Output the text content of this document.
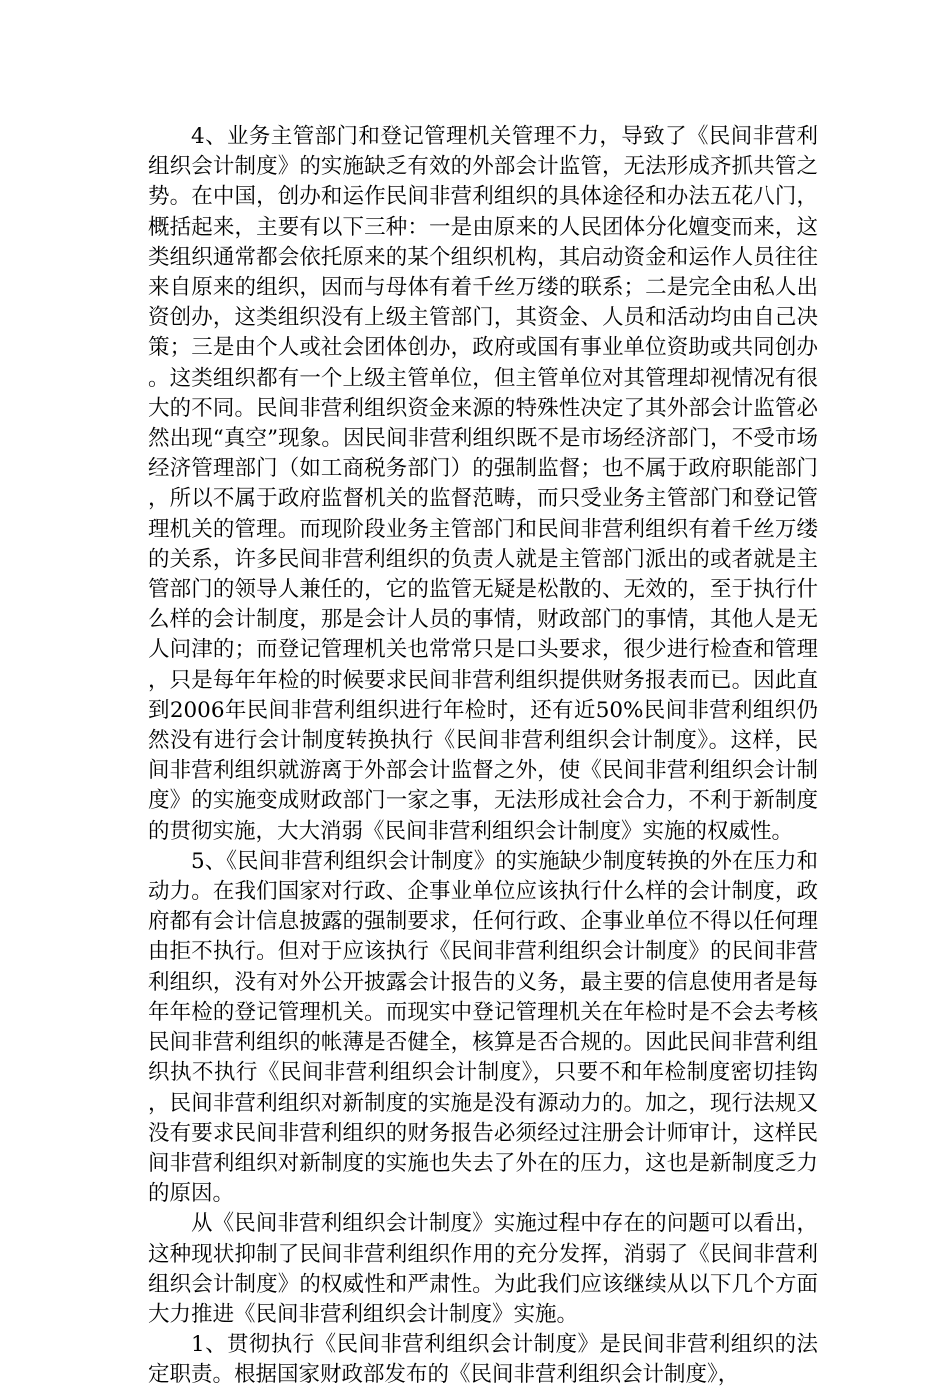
4、业务主管部门和登记管理机关管理不力，导致了《民间非营利组织会计制度》的实施缺乏有效的外部会计监管，无法形成齐抓共管之势。在中国，创办和运作民间非营利组织的具体途径和办法五花八门，概括起来，主要有以下三种：一是由原来的人民团体分化嬗变而来，这类组织通常都会依托原来的某个组织机构，其启动资金和运作人员往往来自原来的组织，因而与母体有着千丝万缕的联系；二是完全由私人出资创办，这类组织没有上级主管部门，其资金、人员和活动均由自己决策；三是由个人或社会团体创办，政府或国有事业单位资助或共同创办。这类组织都有一个上级主管单位，但主管单位对其管理却视情况有很大的不同。民间非营利组织资金来源的特殊性决定了其外部会计监管必然出现“真空”现象。因民间非营利组织既不是市场经济部门，不受市场经济管理部门（如工商税务部门）的强制监督；也不属于政府职能部门，所以不属于政府监督机关的监督范畴，而只受业务主管部门和登记管理机关的管理。而现阶段业务主管部门和民间非营利组织有着千丝万缕的关系，许多民间非营利组织的负责人就是主管部门派出的或者就是主管部门的领导人兼任的，它的监管无疑是松散的、无效的，至于执行什么样的会计制度，那是会计人员的事情，财政部门的事情，其他人是无人问津的；而登记管理机关也常常只是口头要求，很少进行检查和管理，只是每年年检的时候要求民间非营利组织提供财务报表而已。因此直到2006年民间非营利组织进行年检时，还有近50%民间非营利组织仍然没有进行会计制度转换执行《民间非营利组织会计制度》。这样，民间非营利组织就游离于外部会计监督之外，使《民间非营利组织会计制度》的实施变成财政部门一家之事，无法形成社会合力，不利于新制度的贯彻实施，大大消弱《民间非营利组织会计制度》实施的权威性。

5、《民间非营利组织会计制度》的实施缺少制度转换的外在压力和动力。在我们国家对行政、企事业单位应该执行什么样的会计制度，政府都有会计信息披露的强制要求，任何行政、企事业单位不得以任何理由拒不执行。但对于应该执行《民间非营利组织会计制度》的民间非营利组织，没有对外公开披露会计报告的义务，最主要的信息使用者是每年年检的登记管理机关。而现实中登记管理机关在年检时是不会去考核民间非营利组织的帐薄是否健全，核算是否合规的。因此民间非营利组织执不执行《民间非营利组织会计制度》，只要不和年检制度密切挂钩，民间非营利组织对新制度的实施是没有源动力的。加之，现行法规又没有要求民间非营利组织的财务报告必须经过注册会计师审计，这样民间非营利组织对新制度的实施也失去了外在的压力，这也是新制度乏力的原因。

从《民间非营利组织会计制度》实施过程中存在的问题可以看出，这种现状抑制了民间非营利组织作用的充分发挥，消弱了《民间非营利组织会计制度》的权威性和严肃性。为此我们应该继续从以下几个方面大力推进《民间非营利组织会计制度》实施。

1、贯彻执行《民间非营利组织会计制度》是民间非营利组织的法定职责。根据国家财政部发布的《民间非营利组织会计制度》，
